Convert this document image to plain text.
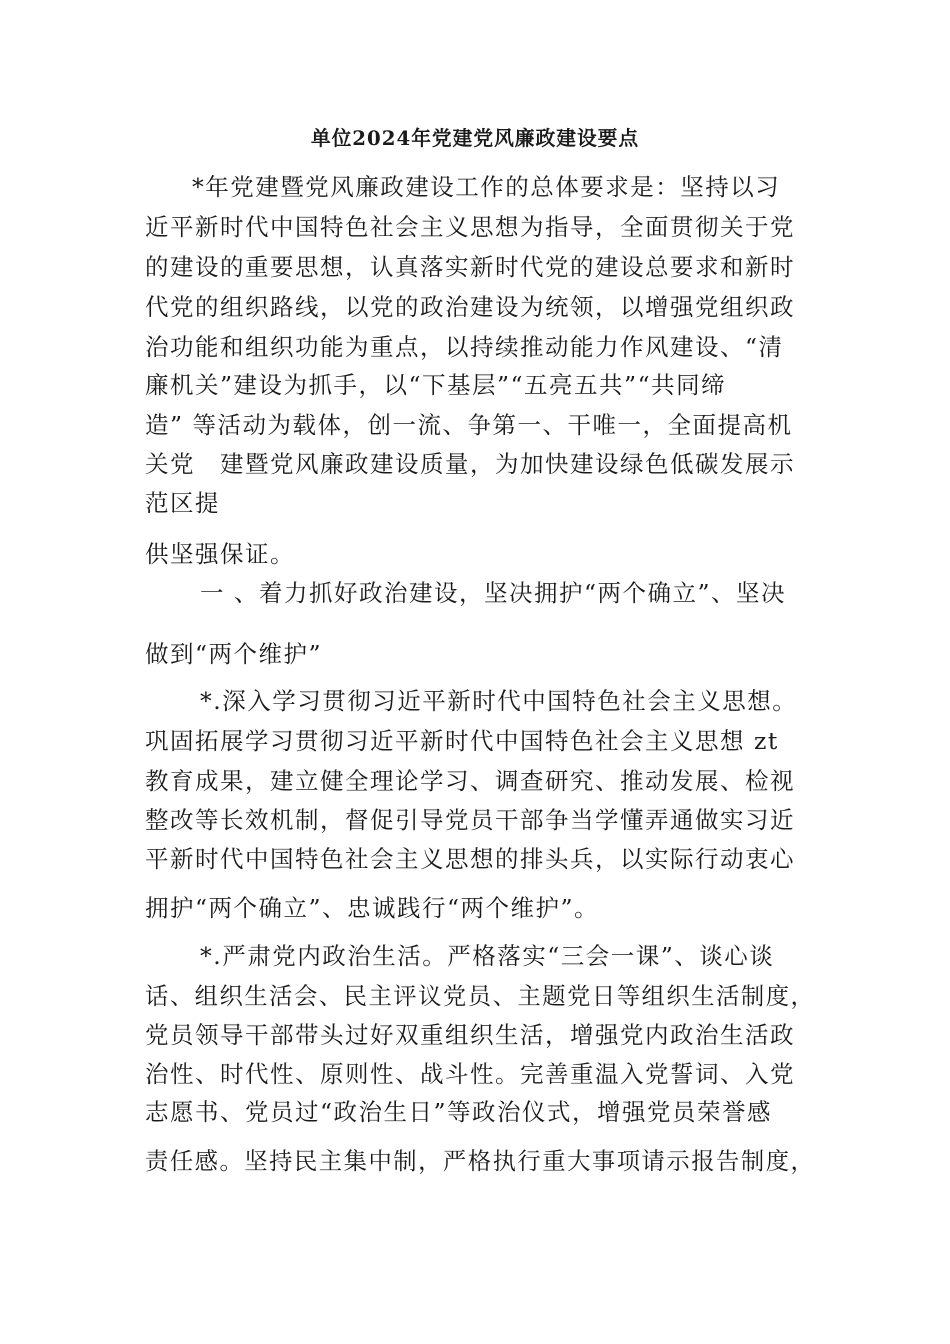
单位2024年党建党风廉政建设要点
*年党建暨党风廉政建设工作的总体要求是：坚持以习
近平新时代中国特色社会主义思想为指导，全面贯彻关于党
的建设的重要思想，认真落实新时代党的建设总要求和新时
代党的组织路线，以党的政治建设为统领，以增强党组织政
治功能和组织功能为重点，以持续推动能力作风建设、“清
廉机关”建设为抓手，以“下基层”“五亮五共”“共同缔
造” 等活动为载体，创一流、争第一、干唯一，全面提高机
关党　建暨党风廉政建设质量，为加快建设绿色低碳发展示
范区提
供坚强保证。
一 、着力抓好政治建设，坚决拥护“两个确立”、坚决
做到“两个维护”
*.深入学习贯彻习近平新时代中国特色社会主义思想。
巩固拓展学习贯彻习近平新时代中国特色社会主义思想 zt
教育成果，建立健全理论学习、调查研究、推动发展、检视
整改等长效机制，督促引导党员干部争当学懂弄通做实习近
平新时代中国特色社会主义思想的排头兵，以实际行动衷心
拥护“两个确立”、忠诚践行“两个维护”。
*.严肃党内政治生活。严格落实“三会一课”、谈心谈
话、组织生活会、民主评议党员、主题党日等组织生活制度，
党员领导干部带头过好双重组织生活，增强党内政治生活政
治性、时代性、原则性、战斗性。完善重温入党誓词、入党
志愿书、党员过“政治生日”等政治仪式，增强党员荣誉感
责任感。坚持民主集中制，严格执行重大事项请示报告制度，
